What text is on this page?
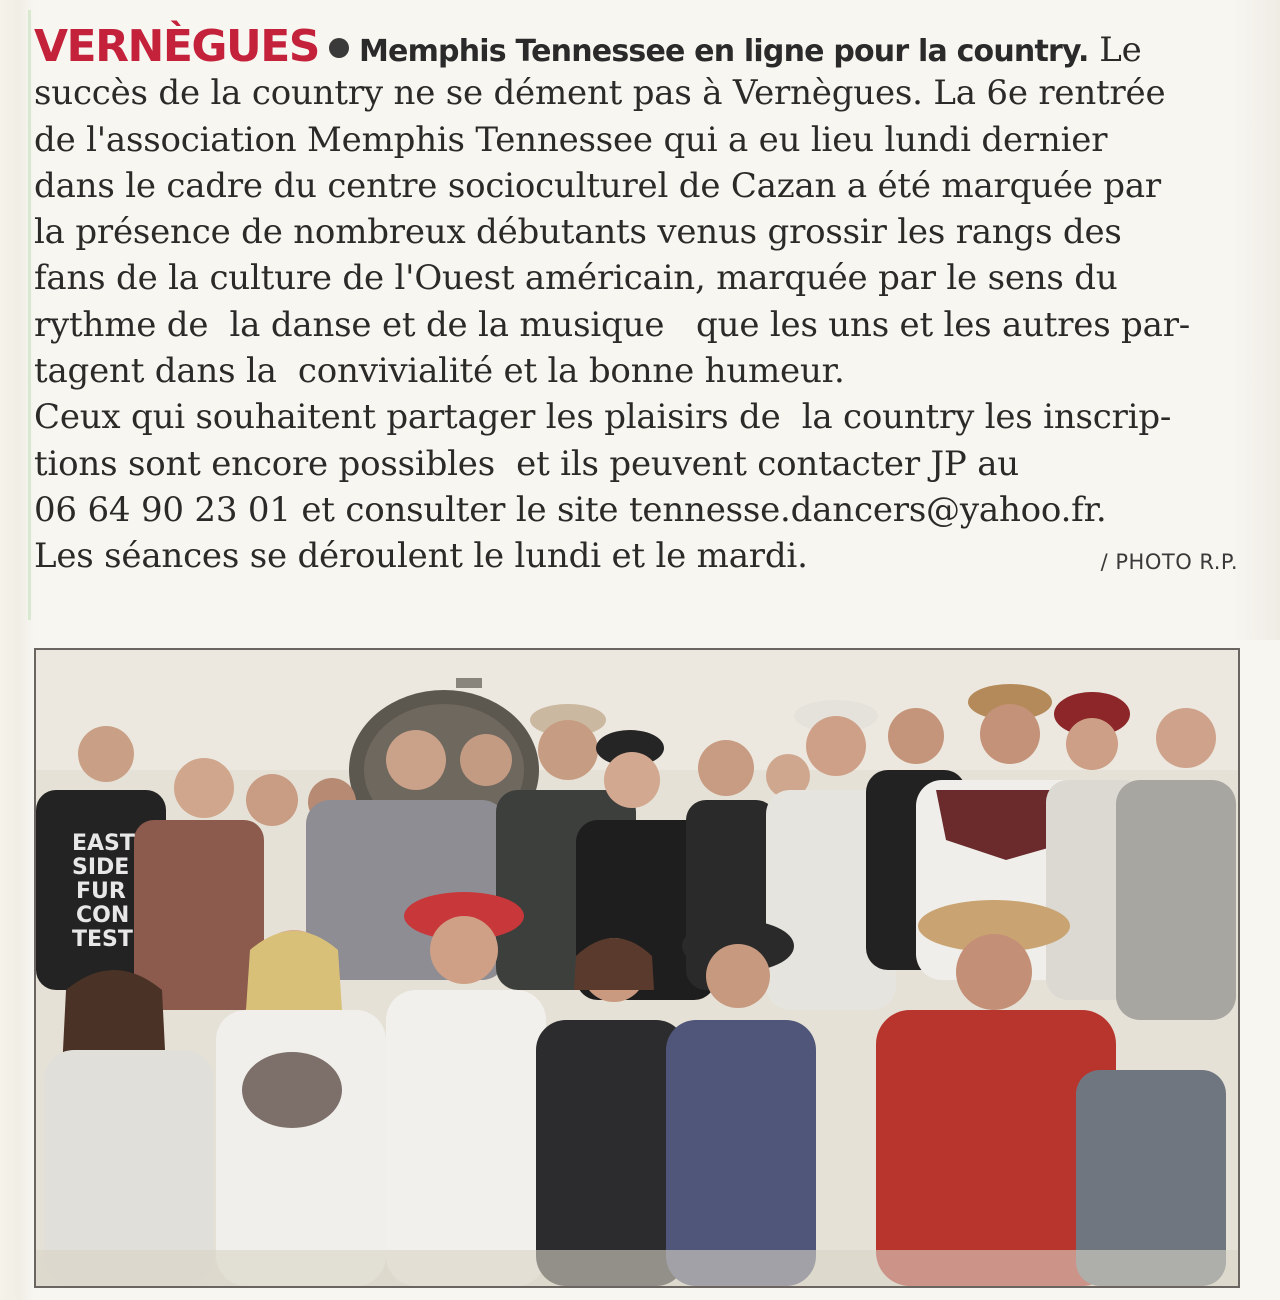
VERNÈGUES Memphis Tennessee en ligne pour la country. Le

succès de la country ne se dément pas à Vernègues. La 6e rentrée

de l'association Memphis Tennessee qui a eu lieu lundi dernier

dans le cadre du centre socioculturel de Cazan a été marquée par

la présence de nombreux débutants venus grossir les rangs des

fans de la culture de l'Ouest américain, marquée par le sens du

rythme de  la danse et de la musique   que les uns et les autres par-

tagent dans la  convivialité et la bonne humeur.

Ceux qui souhaitent partager les plaisirs de  la country les inscrip-

tions sont encore possibles  et ils peuvent contacter JP au

06 64 90 23 01 et consulter le site tennesse.dancers@yahoo.fr.

Les séances se déroulent le lundi et le mardi.	/ PHOTO R.P.
EAST
SIDE
FUR
CON
TEST
